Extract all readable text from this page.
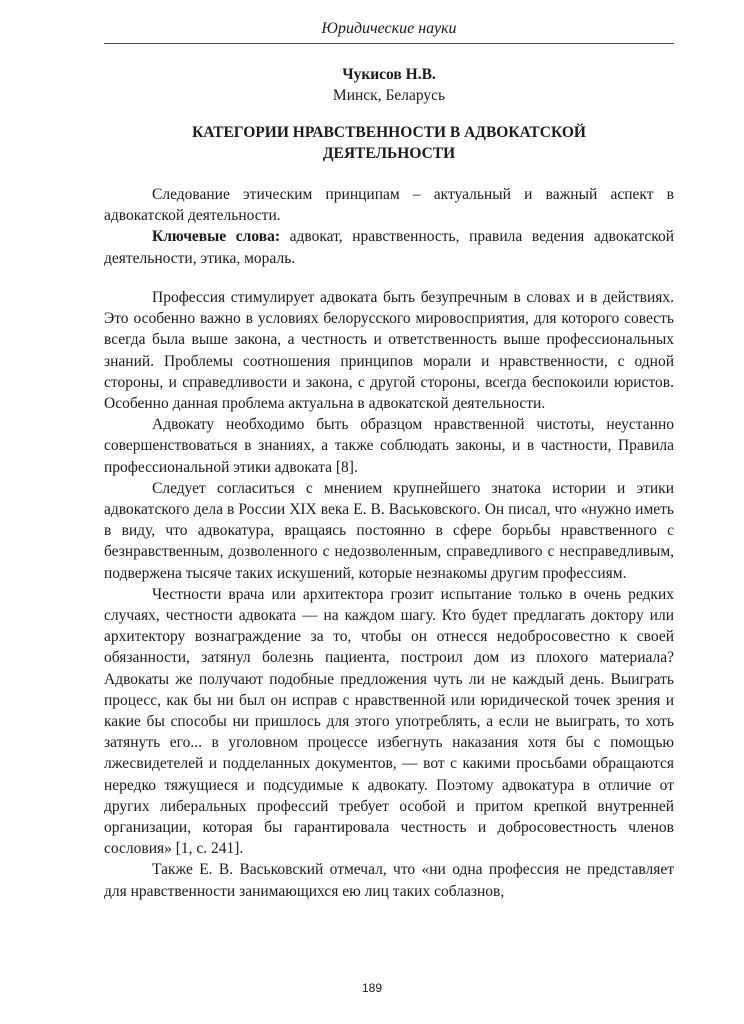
Юридические науки
Чукисов Н.В.
Минск, Беларусь
КАТЕГОРИИ НРАВСТВЕННОСТИ В АДВОКАТСКОЙ
ДЕЯТЕЛЬНОСТИ

Следование этическим принципам – актуальный и важный аспект в адвокатской деятельности.

Ключевые слова: адвокат, нравственность, правила ведения адвокатской деятельности, этика, мораль.

Профессия стимулирует адвоката быть безупречным в словах и в действиях. Это особенно важно в условиях белорусского мировосприятия, для которого совесть всегда была выше закона, а честность и ответственность выше профессиональных знаний. Проблемы соотношения принципов морали и нравственности, с одной стороны, и справедливости и закона, с другой стороны, всегда беспокоили юристов. Особенно данная проблема актуальна в адвокатской деятельности.

Адвокату необходимо быть образцом нравственной чистоты, неустанно совершенствоваться в знаниях, а также соблюдать законы, и в частности, Правила профессиональной этики адвоката [8].

Следует согласиться с мнением крупнейшего знатока истории и этики адвокатского дела в России XIX века Е. В. Васьковского. Он писал, что «нужно иметь в виду, что адвокатура, вращаясь постоянно в сфере борьбы нравственного с безнравственным, дозволенного с недозволенным, справедливого с несправедливым, подвержена тысяче таких искушений, которые незнакомы другим профессиям.

Честности врача или архитектора грозит испытание только в очень редких случаях, честности адвоката — на каждом шагу. Кто будет предлагать доктору или архитектору вознаграждение за то, чтобы он отнесся недобросовестно к своей обязанности, затянул болезнь пациента, построил дом из плохого материала? Адвокаты же получают подобные предложения чуть ли не каждый день. Выиграть процесс, как бы ни был он исправ с нравственной или юридической точек зрения и какие бы способы ни пришлось для этого употреблять, а если не выиграть, то хоть затянуть его... в уголовном процессе избегнуть наказания хотя бы с помощью лжесвидетелей и подделанных документов, — вот с какими просьбами обращаются нередко тяжущиеся и подсудимые к адвокату. Поэтому адвокатура в отличие от других либеральных профессий требует особой и притом крепкой внутренней организации, которая бы гарантировала честность и добросовестность членов сословия» [1, с. 241].

Также Е. В. Васьковский отмечал, что «ни одна профессия не представляет для нравственности занимающихся ею лиц таких соблазнов,

189
